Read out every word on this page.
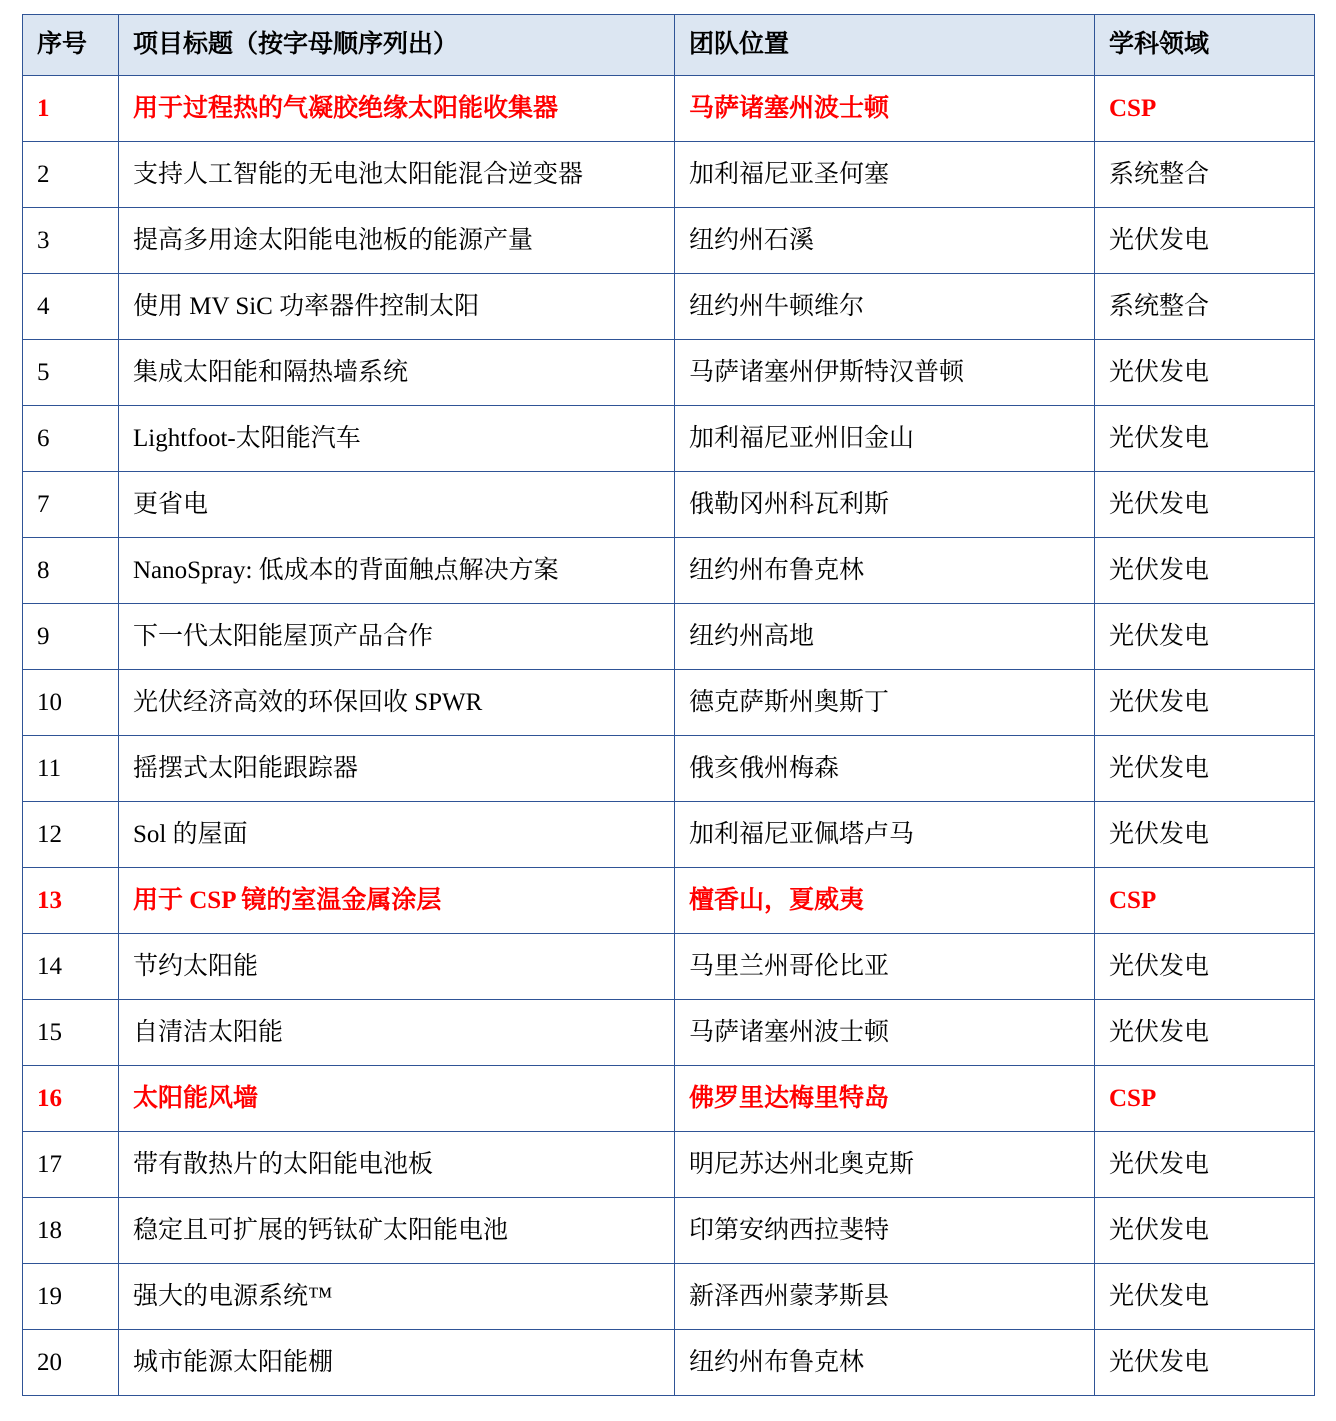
序号	项目标题（按字母顺序列出）	团队位置	学科领域
1	用于过程热的气凝胶绝缘太阳能收集器	马萨诸塞州波士顿	CSP
2	支持人工智能的无电池太阳能混合逆变器	加利福尼亚圣何塞	系统整合
3	提高多用途太阳能电池板的能源产量	纽约州石溪	光伏发电
4	使用 MV SiC 功率器件控制太阳	纽约州牛顿维尔	系统整合
5	集成太阳能和隔热墙系统	马萨诸塞州伊斯特汉普顿	光伏发电
6	Lightfoot-太阳能汽车	加利福尼亚州旧金山	光伏发电
7	更省电	俄勒冈州科瓦利斯	光伏发电
8	NanoSpray: 低成本的背面触点解决方案	纽约州布鲁克林	光伏发电
9	下一代太阳能屋顶产品合作	纽约州高地	光伏发电
10	光伏经济高效的环保回收 SPWR	德克萨斯州奥斯丁	光伏发电
11	摇摆式太阳能跟踪器	俄亥俄州梅森	光伏发电
12	Sol 的屋面	加利福尼亚佩塔卢马	光伏发电
13	用于 CSP 镜的室温金属涂层	檀香山，夏威夷	CSP
14	节约太阳能	马里兰州哥伦比亚	光伏发电
15	自清洁太阳能	马萨诸塞州波士顿	光伏发电
16	太阳能风墙	佛罗里达梅里特岛	CSP
17	带有散热片的太阳能电池板	明尼苏达州北奥克斯	光伏发电
18	稳定且可扩展的钙钛矿太阳能电池	印第安纳西拉斐特	光伏发电
19	强大的电源系统™	新泽西州蒙茅斯县	光伏发电
20	城市能源太阳能棚	纽约州布鲁克林	光伏发电
